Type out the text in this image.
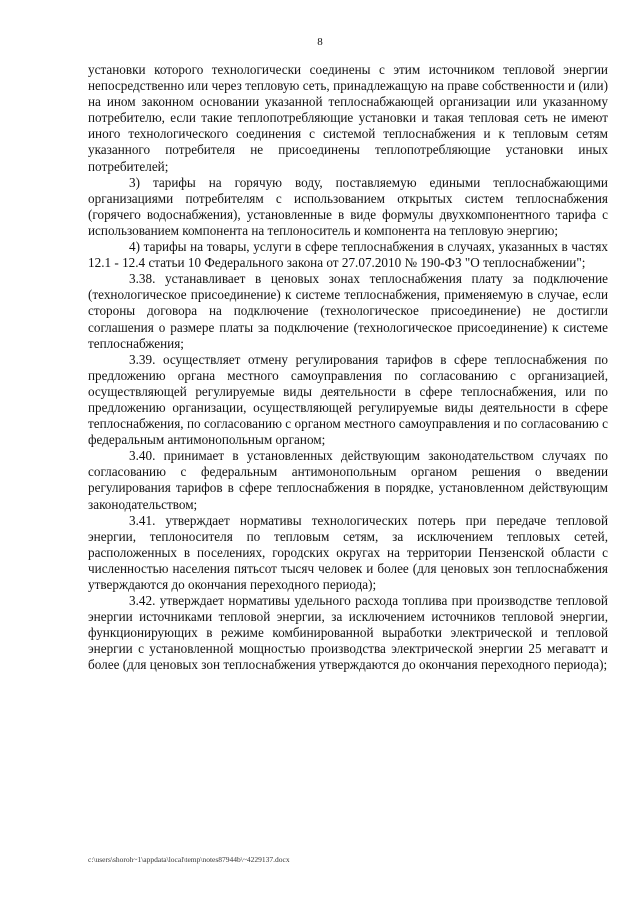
8

установки которого технологически соединены с этим источником тепловой энергии непосредственно или через тепловую сеть, принадлежащую на праве собственности и (или) на ином законном основании указанной теплоснабжающей организации или указанному потребителю, если такие теплопотребляющие установки и такая тепловая сеть не имеют иного технологического соединения с системой теплоснабжения и к тепловым сетям указанного потребителя не присоединены теплопотребляющие установки иных потребителей;

3) тарифы на горячую воду, поставляемую едиными теплоснабжающими организациями потребителям с использованием открытых систем теплоснабжения (горячего водоснабжения), установленные в виде формулы двухкомпонентного тарифа с использованием компонента на теплоноситель и компонента на тепловую энергию;

4) тарифы на товары, услуги в сфере теплоснабжения в случаях, указанных в частях 12.1 - 12.4 статьи 10 Федерального закона от 27.07.2010 № 190-ФЗ "О теплоснабжении";

3.38. устанавливает в ценовых зонах теплоснабжения плату за подключение (технологическое присоединение) к системе теплоснабжения, применяемую в случае, если стороны договора на подключение (технологическое присоединение) не достигли соглашения о размере платы за подключение (технологическое присоединение) к системе теплоснабжения;

3.39. осуществляет отмену регулирования тарифов в сфере теплоснабжения по предложению органа местного самоуправления по согласованию с организацией, осуществляющей регулируемые виды деятельности в сфере теплоснабжения, или по предложению организации, осуществляющей регулируемые виды деятельности в сфере теплоснабжения, по согласованию с органом местного самоуправления и по согласованию с федеральным антимонопольным органом;

3.40. принимает в установленных действующим законодательством случаях по согласованию с федеральным антимонопольным органом решения о введении регулирования тарифов в сфере теплоснабжения в порядке, установленном действующим законодательством;

3.41. утверждает нормативы технологических потерь при передаче тепловой энергии, теплоносителя по тепловым сетям, за исключением тепловых сетей, расположенных в поселениях, городских округах на территории Пензенской области с численностью населения пятьсот тысяч человек и более (для ценовых зон теплоснабжения утверждаются до окончания переходного периода);

3.42. утверждает нормативы удельного расхода топлива при производстве тепловой энергии источниками тепловой энергии, за исключением источников тепловой энергии, функционирующих в режиме комбинированной выработки электрической и тепловой энергии с установленной мощностью производства электрической энергии 25 мегаватт и более (для ценовых зон теплоснабжения утверждаются до окончания переходного периода);

c:\users\shoroh~1\appdata\local\temp\notes87944b\~4229137.docx
